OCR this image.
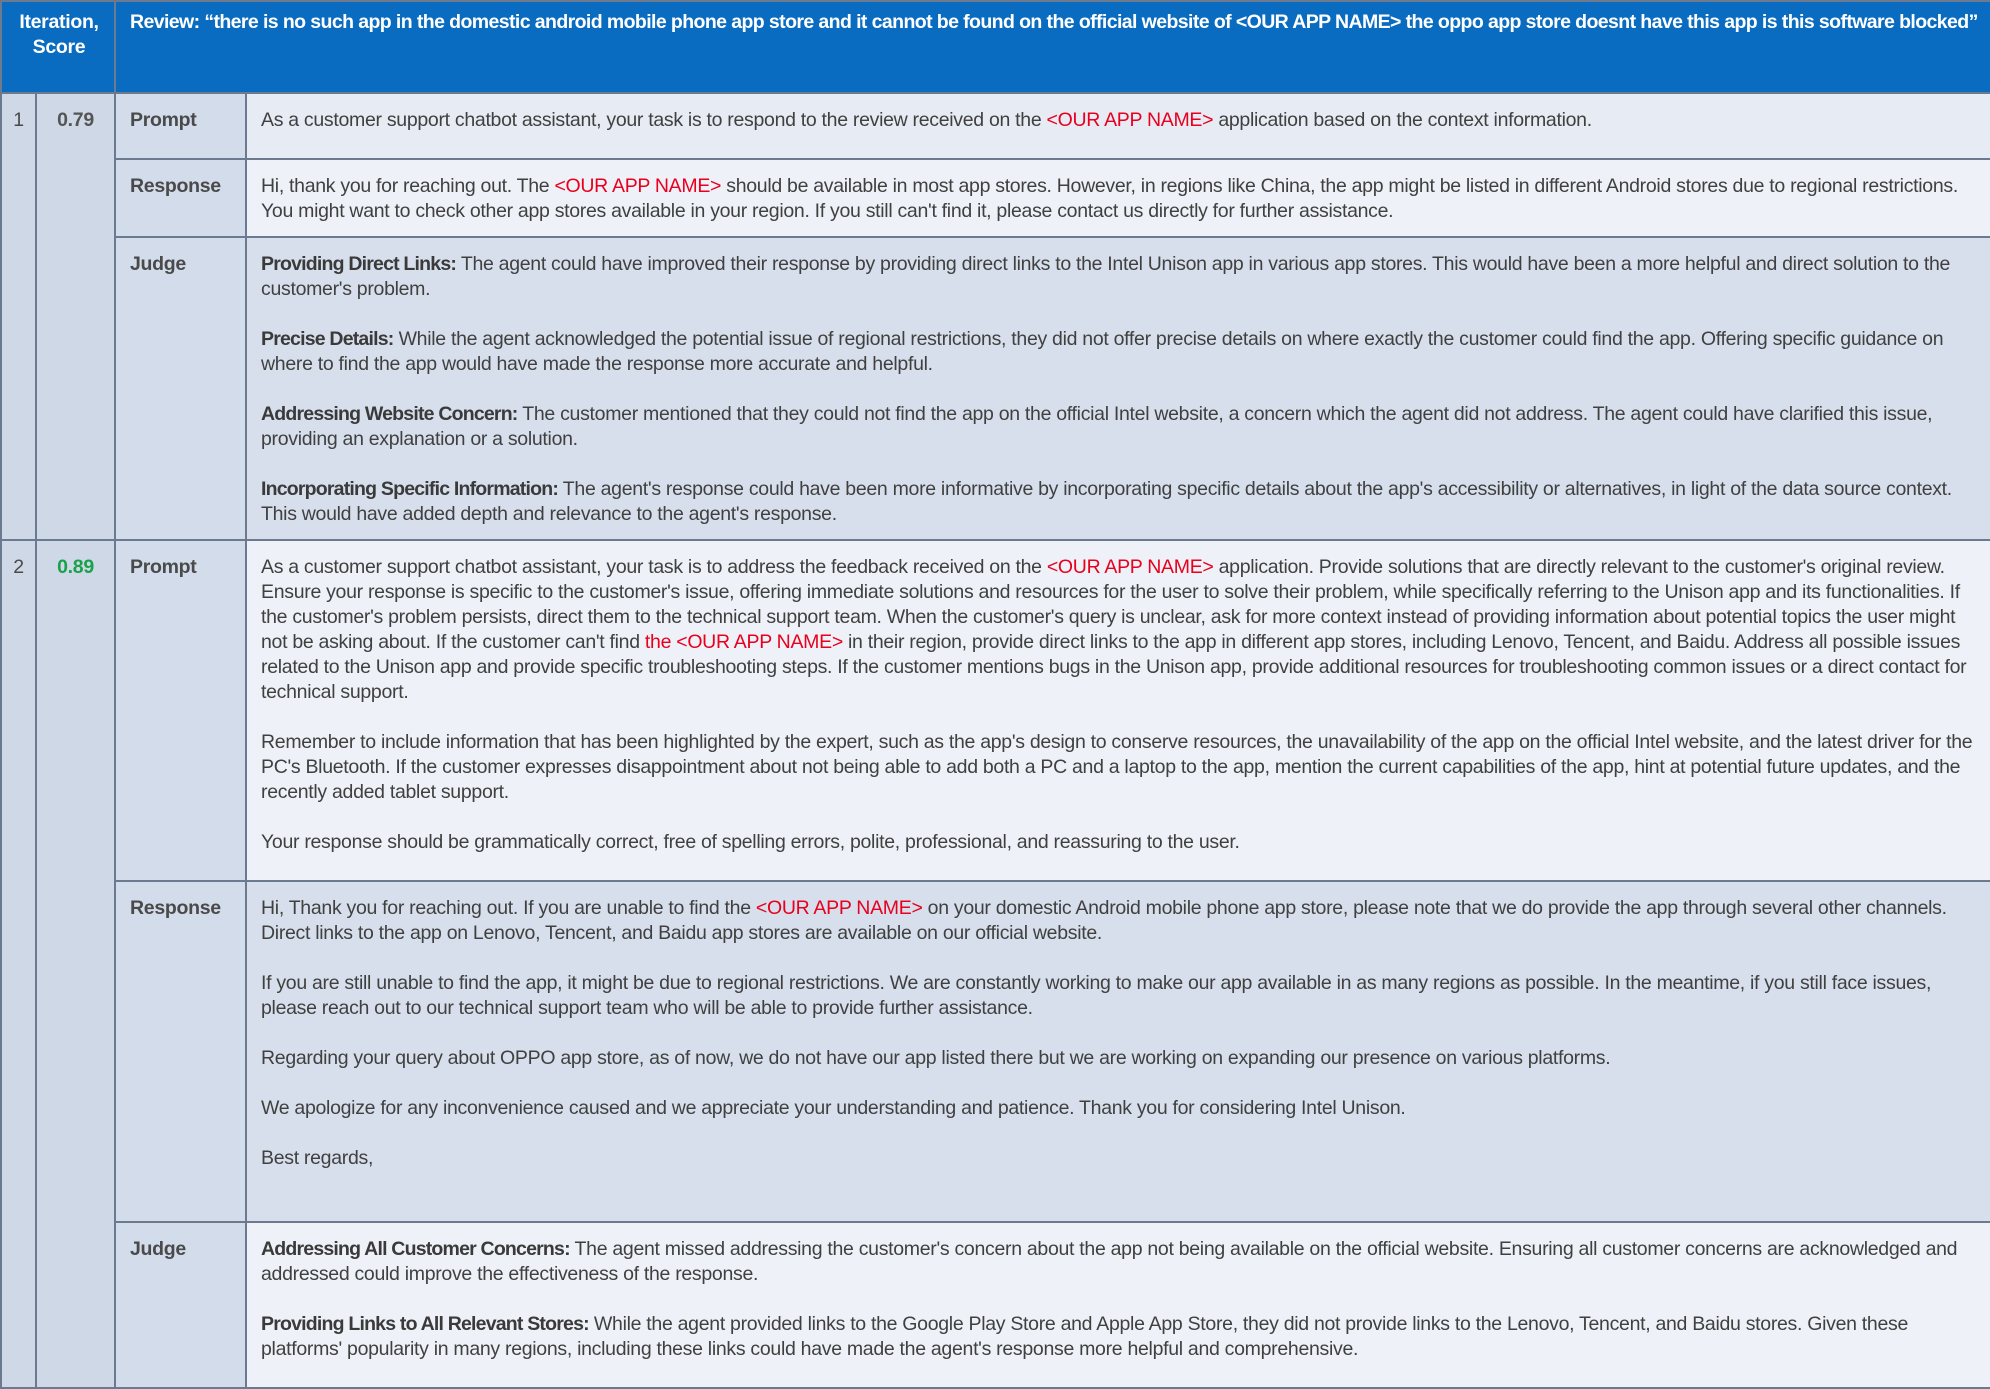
Iteration, Score		Review: “there is no such app in the domestic android mobile phone app store and it cannot be found on the official website of <OUR APP NAME> the oppo app store doesnt have this app is this software blocked”	
1	0.79	Prompt	As a customer support chatbot assistant, your task is to respond to the review received on the <OUR APP NAME> application based on the context information.
		Response	Hi, thank you for reaching out. The <OUR APP NAME> should be available in most app stores. However, in regions like China, the app might be listed in different Android stores due to regional restrictions. You might want to check other app stores available in your region. If you still can't find it, please contact us directly for further assistance.
		Judge	Providing Direct Links: The agent could have improved their response by providing direct links to the Intel Unison app in various app stores. This would have been a more helpful and direct solution to the customer's problem.

Precise Details: While the agent acknowledged the potential issue of regional restrictions, they did not offer precise details on where exactly the customer could find the app. Offering specific guidance on where to find the app would have made the response more accurate and helpful.

Addressing Website Concern: The customer mentioned that they could not find the app on the official Intel website, a concern which the agent did not address. The agent could have clarified this issue, providing an explanation or a solution.

Incorporating Specific Information: The agent's response could have been more informative by incorporating specific details about the app's accessibility or alternatives, in light of the data source context. This would have added depth and relevance to the agent's response.

2	0.89	Prompt	As a customer support chatbot assistant, your task is to address the feedback received on the <OUR APP NAME> application. Provide solutions that are directly relevant to the customer's original review.

Ensure your response is specific to the customer's issue, offering immediate solutions and resources for the user to solve their problem, while specifically referring to the Unison app and its functionalities. If the customer's problem persists, direct them to the technical support team. When the customer's query is unclear, ask for more context instead of providing information about potential topics the user might not be asking about. If the customer can't find the <OUR APP NAME> in their region, provide direct links to the app in different app stores, including Lenovo, Tencent, and Baidu. Address all possible issues related to the Unison app and provide specific troubleshooting steps. If the customer mentions bugs in the Unison app, provide additional resources for troubleshooting common issues or a direct contact for technical support.

Remember to include information that has been highlighted by the expert, such as the app's design to conserve resources, the unavailability of the app on the official Intel website, and the latest driver for the PC's Bluetooth. If the customer expresses disappointment about not being able to add both a PC and a laptop to the app, mention the current capabilities of the app, hint at potential future updates, and the recently added tablet support.

Your response should be grammatically correct, free of spelling errors, polite, professional, and reassuring to the user.

		Response	Hi, Thank you for reaching out. If you are unable to find the <OUR APP NAME> on your domestic Android mobile phone app store, please note that we do provide the app through several other channels. Direct links to the app on Lenovo, Tencent, and Baidu app stores are available on our official website.

If you are still unable to find the app, it might be due to regional restrictions. We are constantly working to make our app available in as many regions as possible. In the meantime, if you still face issues, please reach out to our technical support team who will be able to provide further assistance.

Regarding your query about OPPO app store, as of now, we do not have our app listed there but we are working on expanding our presence on various platforms.

We apologize for any inconvenience caused and we appreciate your understanding and patience. Thank you for considering Intel Unison.

Best regards,

		Judge	Addressing All Customer Concerns: The agent missed addressing the customer's concern about the app not being available on the official website. Ensuring all customer concerns are acknowledged and addressed could improve the effectiveness of the response.

Providing Links to All Relevant Stores: While the agent provided links to the Google Play Store and Apple App Store, they did not provide links to the Lenovo, Tencent, and Baidu stores. Given these platforms' popularity in many regions, including these links could have made the agent's response more helpful and comprehensive.
